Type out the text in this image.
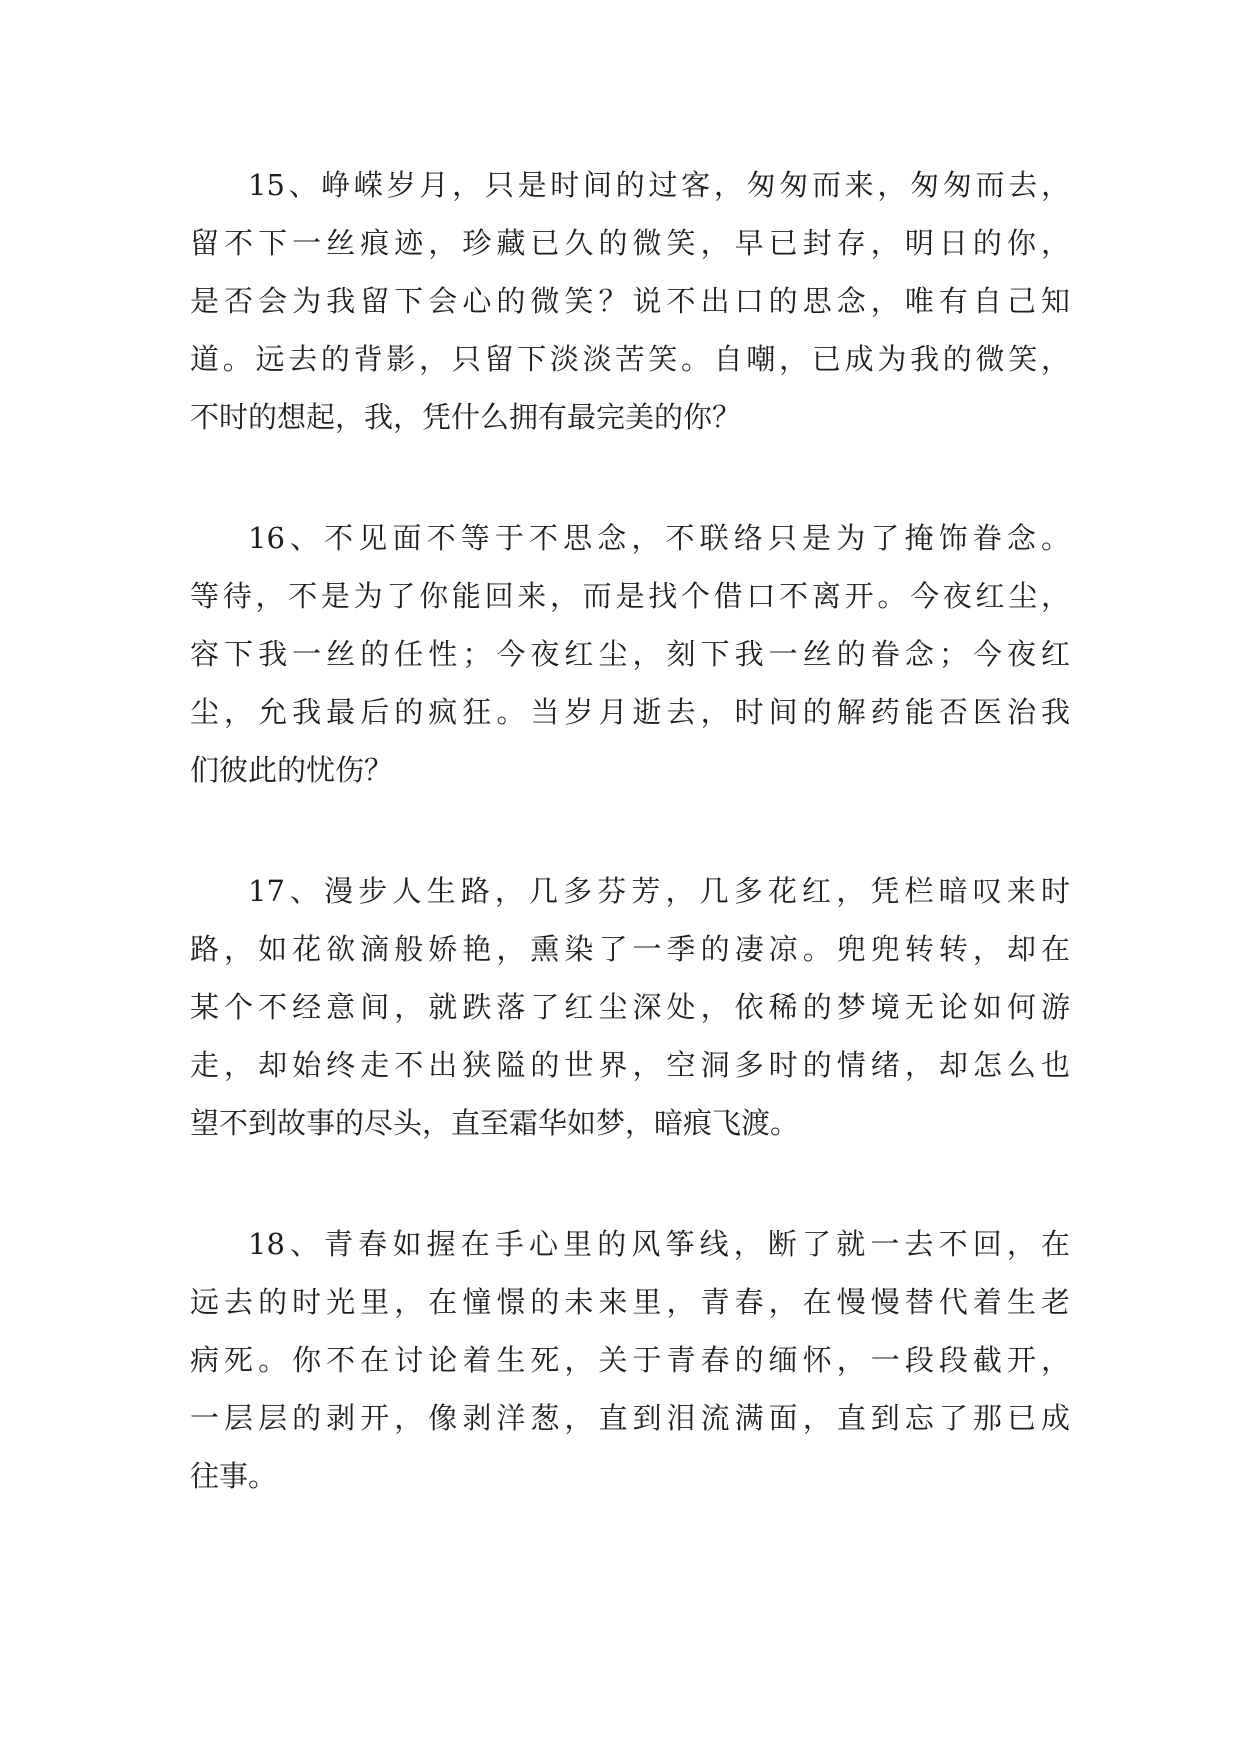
15、峥嵘岁月，只是时间的过客，匆匆而来，匆匆而去，
留不下一丝痕迹，珍藏已久的微笑，早已封存，明日的你，
是否会为我留下会心的微笑？说不出口的思念，唯有自己知
道。远去的背影，只留下淡淡苦笑。自嘲，已成为我的微笑，
不时的想起，我，凭什么拥有最完美的你？
16、不见面不等于不思念，不联络只是为了掩饰眷念。
等待，不是为了你能回来，而是找个借口不离开。今夜红尘，
容下我一丝的任性；今夜红尘，刻下我一丝的眷念；今夜红
尘，允我最后的疯狂。当岁月逝去，时间的解药能否医治我
们彼此的忧伤？
17、漫步人生路，几多芬芳，几多花红，凭栏暗叹来时
路，如花欲滴般娇艳，熏染了一季的凄凉。兜兜转转，却在
某个不经意间，就跌落了红尘深处，依稀的梦境无论如何游
走，却始终走不出狭隘的世界，空洞多时的情绪，却怎么也
望不到故事的尽头，直至霜华如梦，暗痕飞渡。
18、青春如握在手心里的风筝线，断了就一去不回，在
远去的时光里，在憧憬的未来里，青春，在慢慢替代着生老
病死。你不在讨论着生死，关于青春的缅怀，一段段截开，
一层层的剥开，像剥洋葱，直到泪流满面，直到忘了那已成
往事。
